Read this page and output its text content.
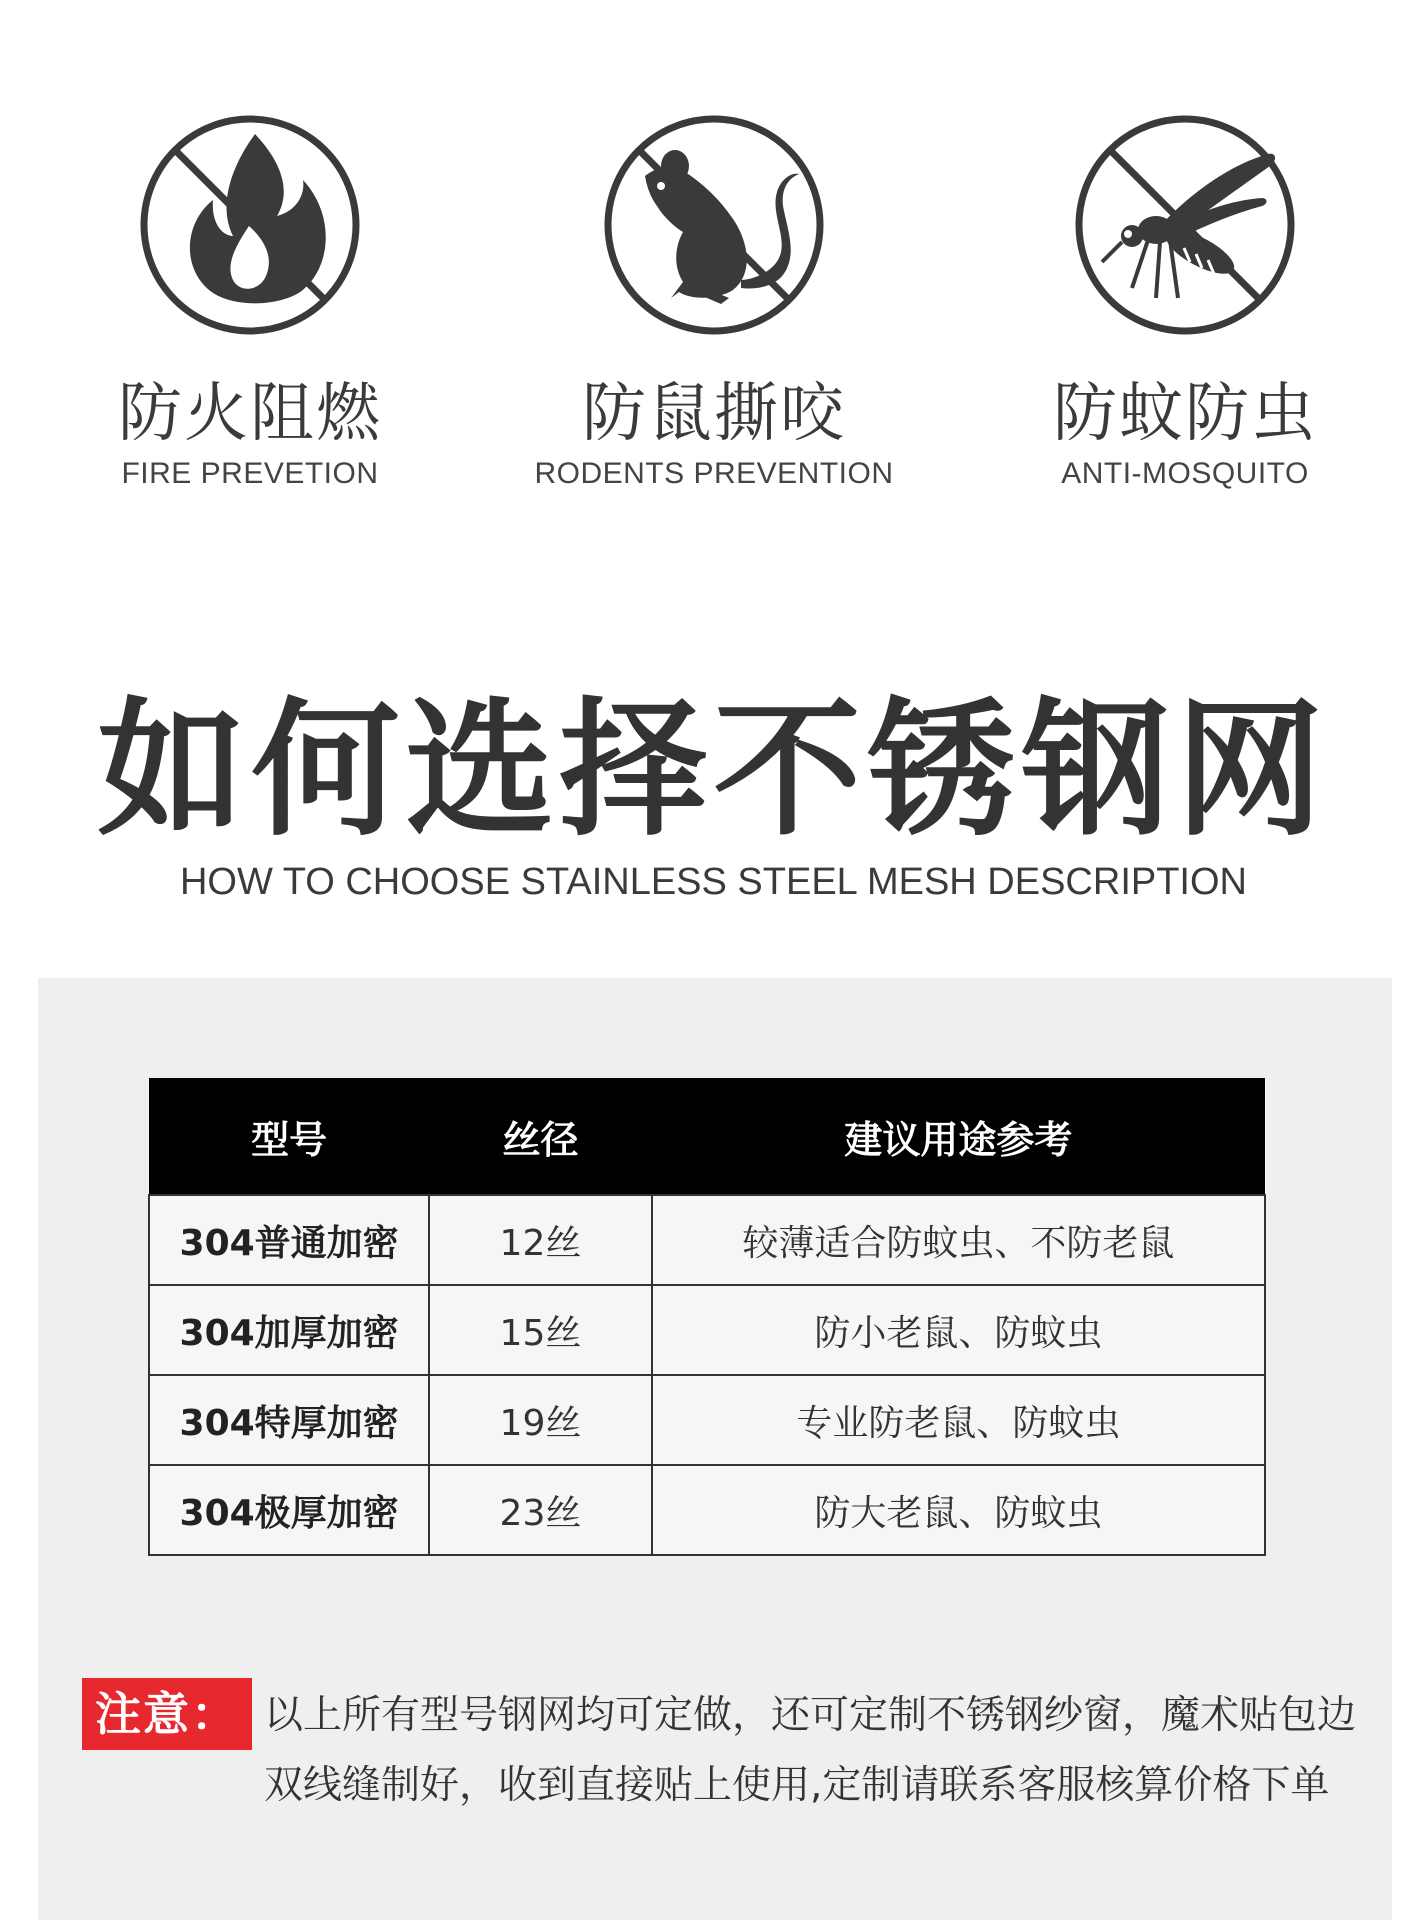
防火阻燃
FIRE PREVETION
防鼠撕咬
RODENTS PREVENTION
防蚊防虫
ANTI-MOSQUITO
如何选择不锈钢网
HOW TO CHOOSE STAINLESS STEEL MESH DESCRIPTION
型号	丝径	建议用途参考
304普通加密	12丝	较薄适合防蚊虫、不防老鼠
304加厚加密	15丝	防小老鼠、防蚊虫
304特厚加密	19丝	专业防老鼠、防蚊虫
304极厚加密	23丝	防大老鼠、防蚊虫
注意： 以上所有型号钢网均可定做，还可定制不锈钢纱窗，魔术贴包边
双线缝制好，收到直接贴上使用,定制请联系客服核算价格下单
